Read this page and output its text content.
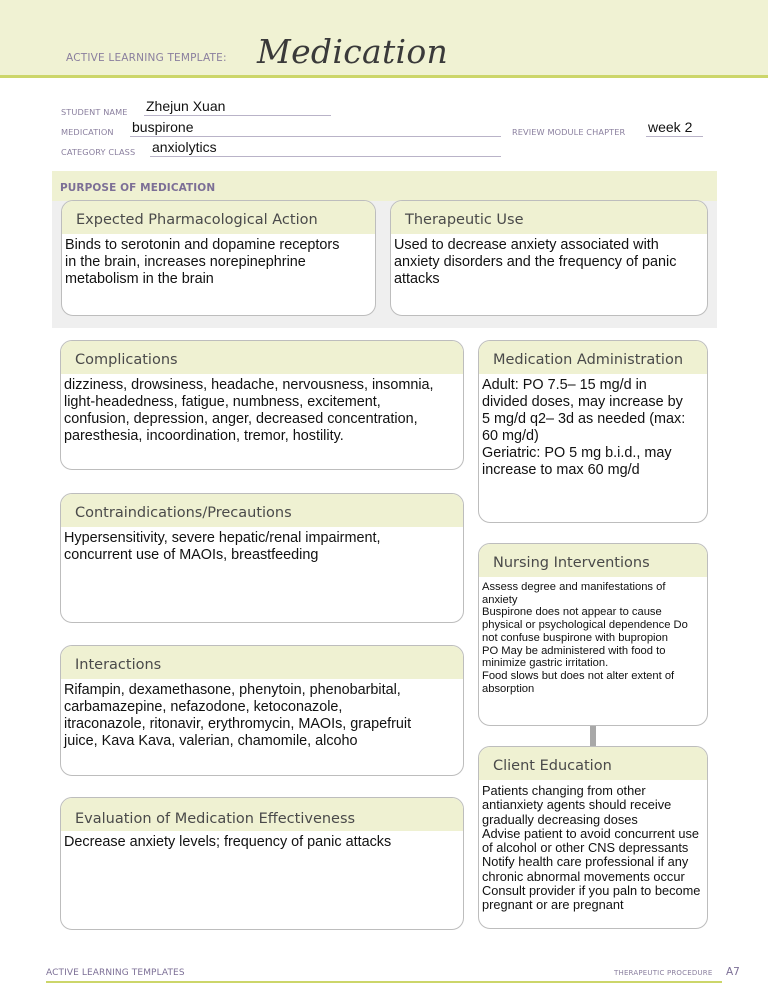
ACTIVE LEARNING TEMPLATE: Medication
STUDENT NAME Zhejun Xuan
MEDICATION buspirone	REVIEW MODULE CHAPTER week 2
CATEGORY CLASS anxiolytics
PURPOSE OF MEDICATION
Expected Pharmacological Action
Binds to serotonin and dopamine receptors
in the brain, increases norepinephrine
metabolism in the brain
Therapeutic Use
Used to decrease anxiety associated with
anxiety disorders and the frequency of panic
attacks
Complications
dizziness, drowsiness, headache, nervousness, insomnia,
light-headedness, fatigue, numbness, excitement,
confusion, depression, anger, decreased concentration,
paresthesia, incoordination, tremor, hostility.
Contraindications/Precautions
Hypersensitivity, severe hepatic/renal impairment,
concurrent use of MAOIs, breastfeeding
Interactions
Rifampin, dexamethasone, phenytoin, phenobarbital,
carbamazepine, nefazodone, ketoconazole,
itraconazole, ritonavir, erythromycin, MAOIs, grapefruit
juice, Kava Kava, valerian, chamomile, alcoho
Evaluation of Medication Effectiveness
Decrease anxiety levels; frequency of panic attacks
Medication Administration
Adult: PO 7.5– 15 mg/d in
divided doses, may increase by
5 mg/d q2– 3d as needed (max:
60 mg/d)
Geriatric: PO 5 mg b.i.d., may
increase to max 60 mg/d
Nursing Interventions
Assess degree and manifestations of
anxiety
Buspirone does not appear to cause
physical or psychological dependence Do
not confuse buspirone with bupropion
PO May be administered with food to
minimize gastric irritation.
Food slows but does not alter extent of
absorption
Client Education
Patients changing from other
antianxiety agents should receive
gradually decreasing doses
Advise patient to avoid concurrent use
of alcohol or other CNS depressants
Notify health care professional if any
chronic abnormal movements occur
Consult provider if you paln to become
pregnant or are pregnant
ACTIVE LEARNING TEMPLATES	THERAPEUTIC PROCEDURE A7
